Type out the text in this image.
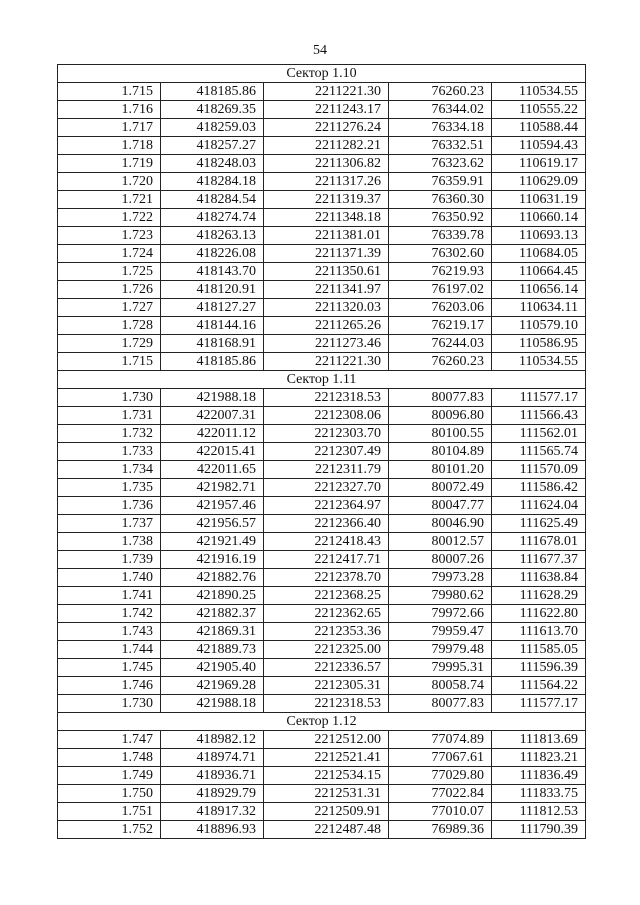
54
Сектор 1.10				
1.715	418185.86	2211221.30	76260.23	110534.55
1.716	418269.35	2211243.17	76344.02	110555.22
1.717	418259.03	2211276.24	76334.18	110588.44
1.718	418257.27	2211282.21	76332.51	110594.43
1.719	418248.03	2211306.82	76323.62	110619.17
1.720	418284.18	2211317.26	76359.91	110629.09
1.721	418284.54	2211319.37	76360.30	110631.19
1.722	418274.74	2211348.18	76350.92	110660.14
1.723	418263.13	2211381.01	76339.78	110693.13
1.724	418226.08	2211371.39	76302.60	110684.05
1.725	418143.70	2211350.61	76219.93	110664.45
1.726	418120.91	2211341.97	76197.02	110656.14
1.727	418127.27	2211320.03	76203.06	110634.11
1.728	418144.16	2211265.26	76219.17	110579.10
1.729	418168.91	2211273.46	76244.03	110586.95
1.715	418185.86	2211221.30	76260.23	110534.55
Сектор 1.11				
1.730	421988.18	2212318.53	80077.83	111577.17
1.731	422007.31	2212308.06	80096.80	111566.43
1.732	422011.12	2212303.70	80100.55	111562.01
1.733	422015.41	2212307.49	80104.89	111565.74
1.734	422011.65	2212311.79	80101.20	111570.09
1.735	421982.71	2212327.70	80072.49	111586.42
1.736	421957.46	2212364.97	80047.77	111624.04
1.737	421956.57	2212366.40	80046.90	111625.49
1.738	421921.49	2212418.43	80012.57	111678.01
1.739	421916.19	2212417.71	80007.26	111677.37
1.740	421882.76	2212378.70	79973.28	111638.84
1.741	421890.25	2212368.25	79980.62	111628.29
1.742	421882.37	2212362.65	79972.66	111622.80
1.743	421869.31	2212353.36	79959.47	111613.70
1.744	421889.73	2212325.00	79979.48	111585.05
1.745	421905.40	2212336.57	79995.31	111596.39
1.746	421969.28	2212305.31	80058.74	111564.22
1.730	421988.18	2212318.53	80077.83	111577.17
Сектор 1.12				
1.747	418982.12	2212512.00	77074.89	111813.69
1.748	418974.71	2212521.41	77067.61	111823.21
1.749	418936.71	2212534.15	77029.80	111836.49
1.750	418929.79	2212531.31	77022.84	111833.75
1.751	418917.32	2212509.91	77010.07	111812.53
1.752	418896.93	2212487.48	76989.36	111790.39
